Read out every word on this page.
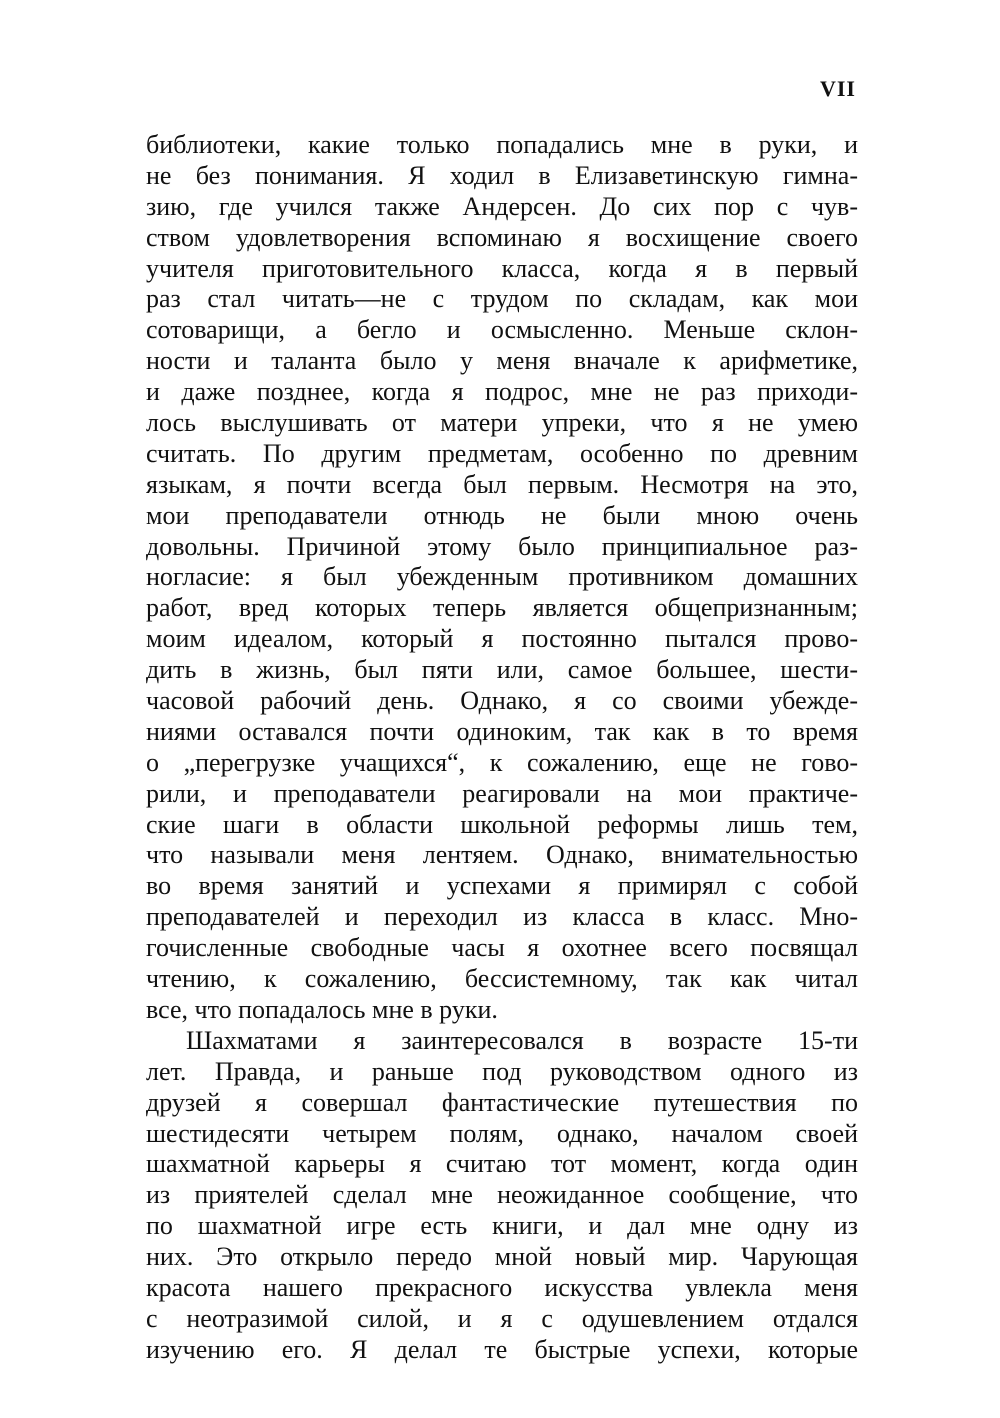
VII
библиотеки, какие только попадались мне в руки, и
не без понимания. Я ходил в Елизаветинскую гимна-
зию, где учился также Андерсен. До сих пор с чув-
ством удовлетворения вспоминаю я восхищение своего
учителя приготовительного класса, когда я в первый
раз стал читать—не с трудом по складам, как мои
сотоварищи, а бегло и осмысленно. Меньше склон-
ности и таланта было у меня вначале к арифметике,
и даже позднее, когда я подрос, мне не раз приходи-
лось выслушивать от матери упреки, что я не умею
считать. По другим предметам, особенно по древним
языкам, я почти всегда был первым. Несмотря на это,
мои преподаватели отнюдь не были мною очень
довольны. Причиной этому было принципиальное раз-
ногласие: я был убежденным противником домашних
работ, вред которых теперь является общепризнанным;
моим идеалом, который я постоянно пытался прово-
дить в жизнь, был пяти или, самое большее, шести-
часовой рабочий день. Однако, я со своими убежде-
ниями оставался почти одиноким, так как в то время
о „перегрузке учащихся“, к сожалению, еще не гово-
рили, и преподаватели реагировали на мои практиче-
ские шаги в области школьной реформы лишь тем,
что называли меня лентяем. Однако, внимательностью
во время занятий и успехами я примирял с собой
преподавателей и переходил из класса в класс. Мно-
гочисленные свободные часы я охотнее всего посвящал
чтению, к сожалению, бессистемному, так как читал
все, что попадалось мне в руки.
Шахматами я заинтересовался в возрасте 15-ти
лет. Правда, и раньше под руководством одного из
друзей я совершал фантастические путешествия по
шестидесяти четырем полям, однако, началом своей
шахматной карьеры я считаю тот момент, когда один
из приятелей сделал мне неожиданное сообщение, что
по шахматной игре есть книги, и дал мне одну из
них. Это открыло передо мной новый мир. Чарующая
красота нашего прекрасного искусства увлекла меня
с неотразимой силой, и я с одушевлением отдался
изучению его. Я делал те быстрые успехи, которые
